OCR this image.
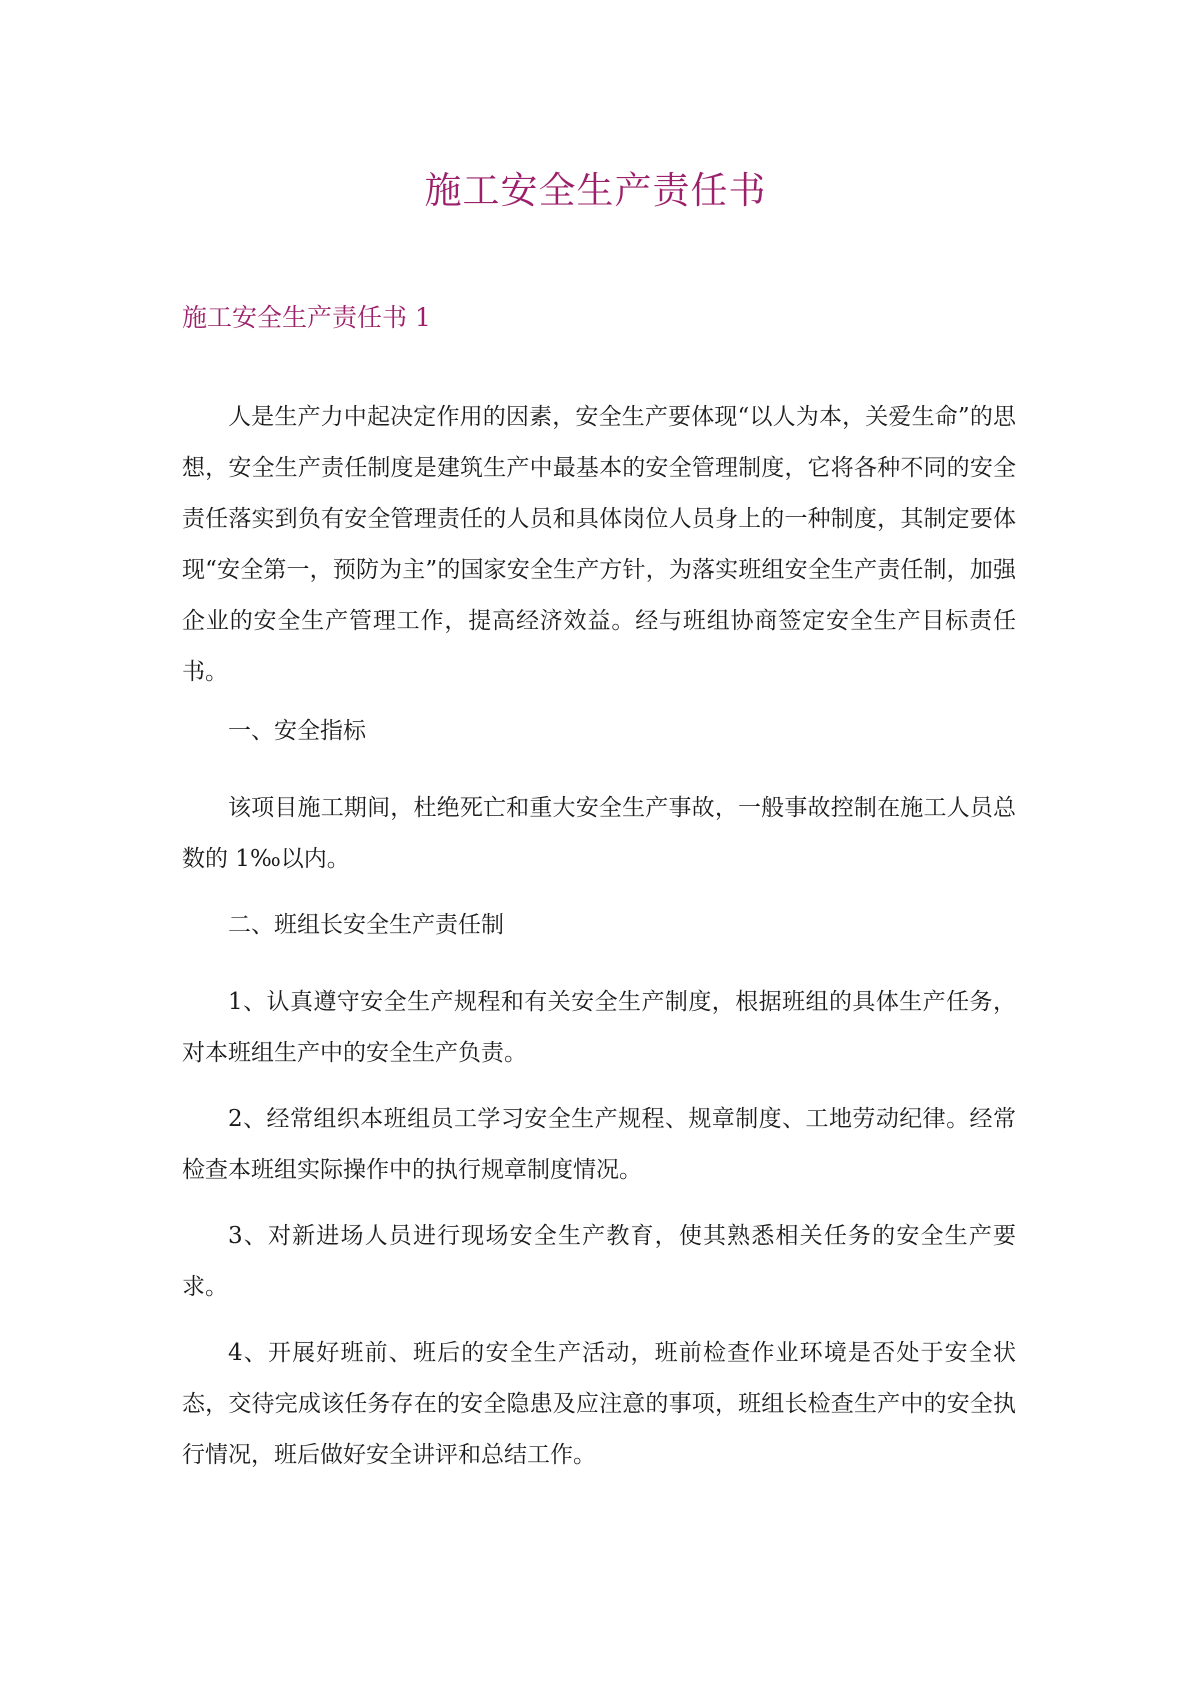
施工安全生产责任书
施工安全生产责任书 1

人是生产力中起决定作用的因素，安全生产要体现“以人为本，关爱生命”的思想，安全生产责任制度是建筑生产中最基本的安全管理制度，它将各种不同的安全责任落实到负有安全管理责任的人员和具体岗位人员身上的一种制度，其制定要体现“安全第一，预防为主”的国家安全生产方针，为落实班组安全生产责任制，加强企业的安全生产管理工作，提高经济效益。经与班组协商签定安全生产目标责任书。

一、安全指标

该项目施工期间，杜绝死亡和重大安全生产事故，一般事故控制在施工人员总数的 1‰以内。

二、班组长安全生产责任制

1、认真遵守安全生产规程和有关安全生产制度，根据班组的具体生产任务，对本班组生产中的安全生产负责。

2、经常组织本班组员工学习安全生产规程、规章制度、工地劳动纪律。经常检查本班组实际操作中的执行规章制度情况。

3、对新进场人员进行现场安全生产教育，使其熟悉相关任务的安全生产要求。

4、开展好班前、班后的安全生产活动，班前检查作业环境是否处于安全状态，交待完成该任务存在的安全隐患及应注意的事项，班组长检查生产中的安全执行情况，班后做好安全讲评和总结工作。
